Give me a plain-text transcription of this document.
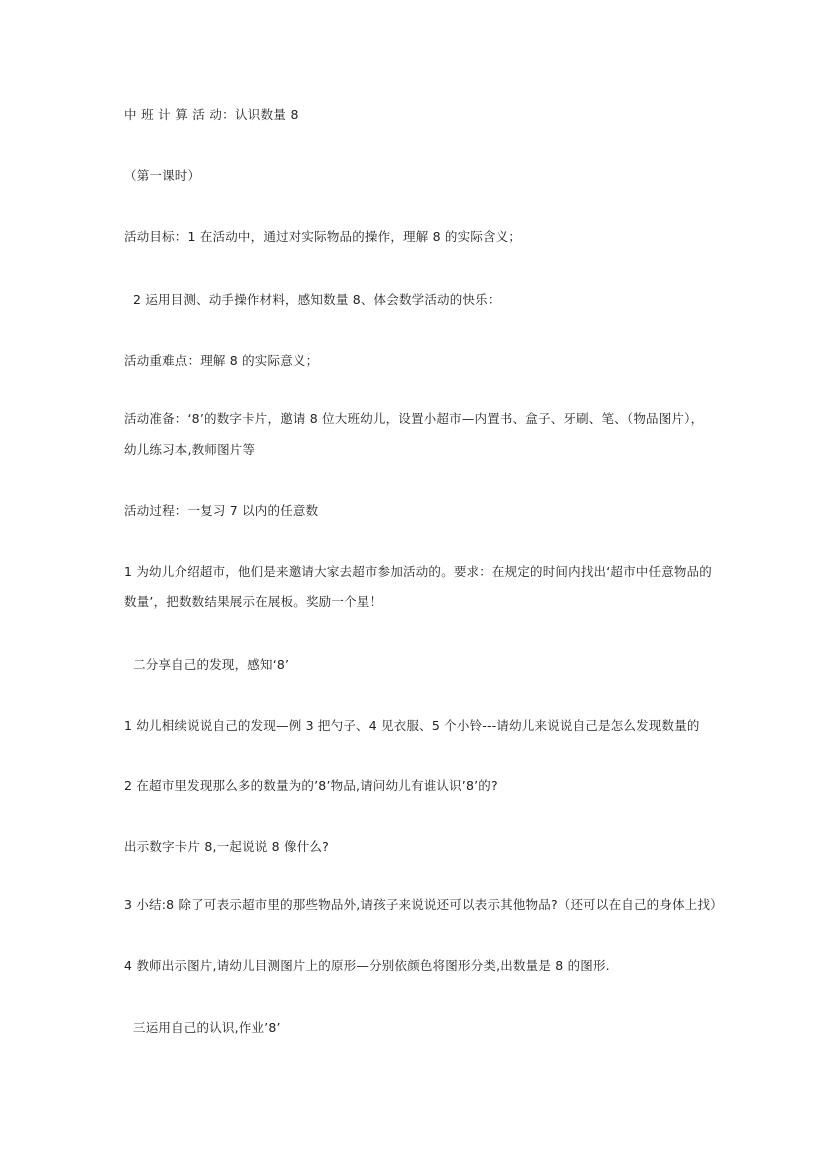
中 班 计 算 活 动：认识数量 8
（第一课时）
活动目标：1 在活动中，通过对实际物品的操作，理解 8 的实际含义；
2 运用目测、动手操作材料，感知数量 8、体会数学活动的快乐：
活动重难点：理解 8 的实际意义；
活动准备：‘8’的数字卡片，邀请 8 位大班幼儿，设置小超市—内置书、盒子、牙刷、笔、（物品图片），
幼儿练习本,教师图片等
活动过程：一复习 7 以内的任意数
1 为幼儿介绍超市，他们是来邀请大家去超市参加活动的。要求：在规定的时间内找出‘超市中任意物品的
数量’，把数数结果展示在展板。奖励一个星！
二分享自己的发现，感知‘8’
1 幼儿相续说说自己的发现—例 3 把勺子、4 见衣服、5 个小铃---请幼儿来说说自己是怎么发现数量的
2 在超市里发现那么多的数量为的’8’物品,请问幼儿有谁认识’8’的?
出示数字卡片 8,一起说说 8 像什么?
3 小结:8 除了可表示超市里的那些物品外,请孩子来说说还可以表示其他物品?（还可以在自己的身体上找）
4 教师出示图片,请幼儿目测图片上的原形—分别依颜色将图形分类,出数量是 8 的图形.
三运用自己的认识,作业’8’
